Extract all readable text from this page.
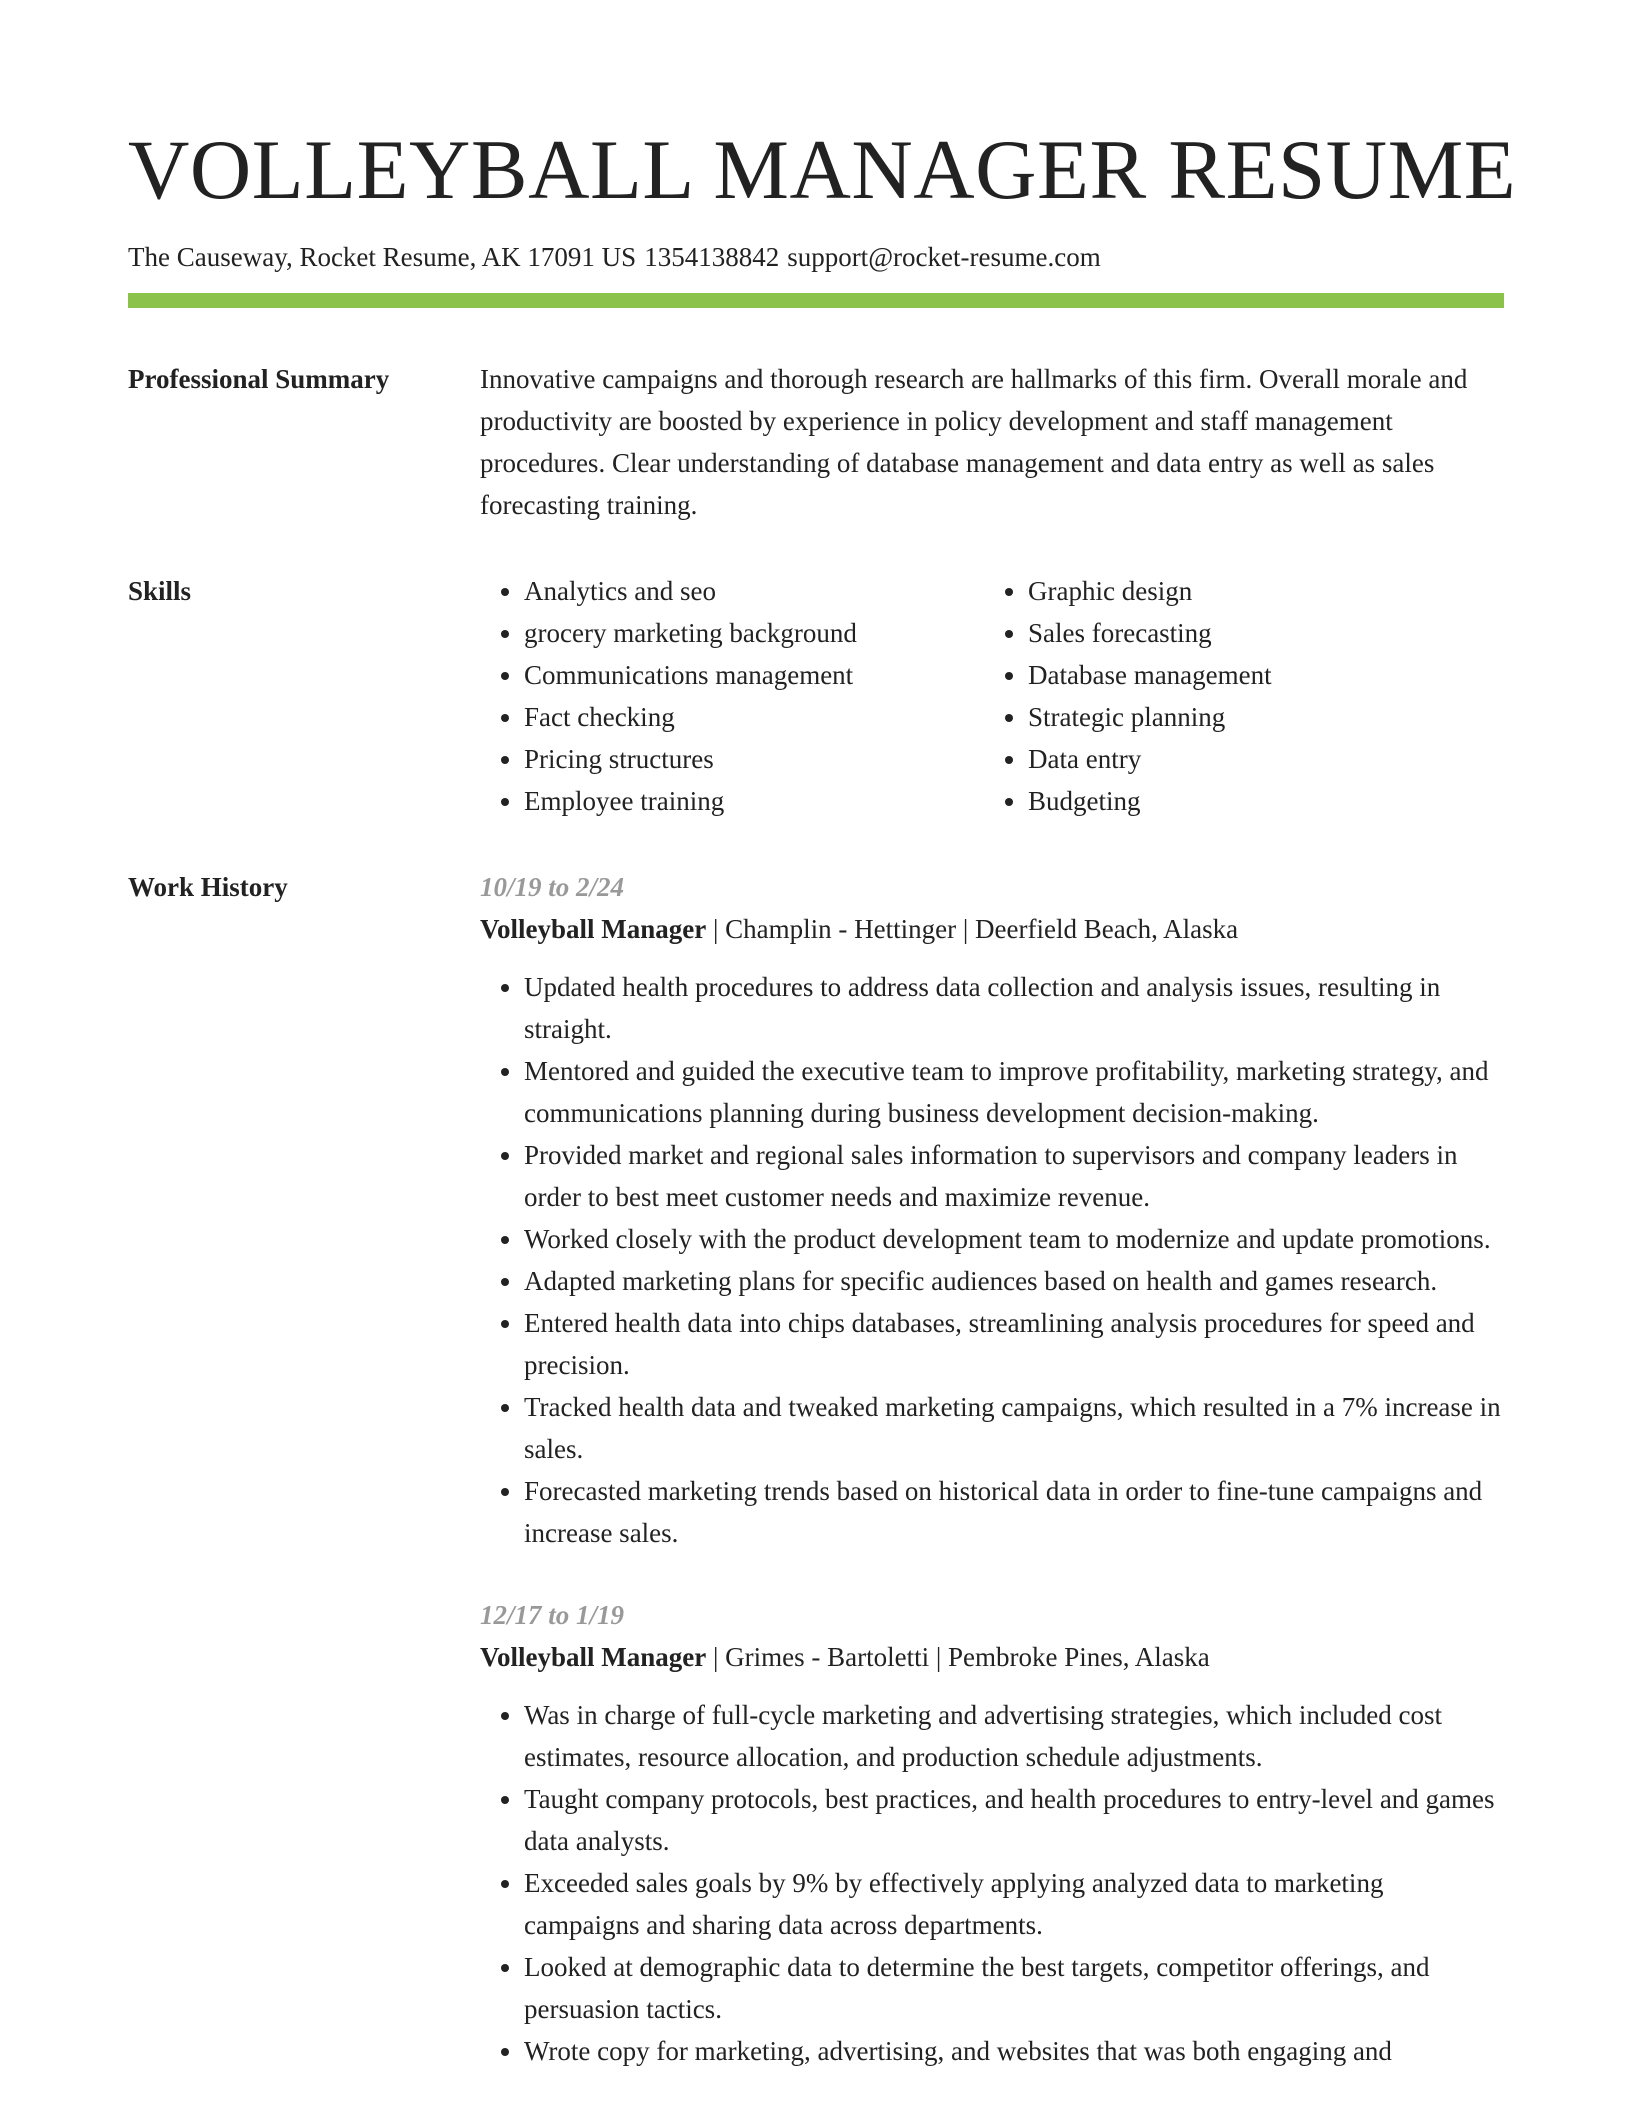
VOLLEYBALL MANAGER RESUME
The Causeway, Rocket Resume, AK 17091 US 1354138842 support@rocket-resume.com
Professional Summary	Innovative campaigns and thorough research are hallmarks of this firm. Overall morale and productivity are boosted by experience in policy development and staff management procedures. Clear understanding of database management and data entry as well as sales forecasting training.

Skills
•	Analytics and seo
• grocery marketing background
• Communications management
• Fact checking
• Pricing structures
• Employee training
• Graphic design
• Sales forecasting
• Database management
• Strategic planning
• Data entry
• Budgeting
Work History	10/19 to 2/24
Volleyball Manager | Champlin - Hettinger | Deerfield Beach, Alaska
• Updated health procedures to address data collection and analysis issues, resulting in straight.
• Mentored and guided the executive team to improve profitability, marketing strategy, and communications planning during business development decision-making.
• Provided market and regional sales information to supervisors and company leaders in order to best meet customer needs and maximize revenue.
• Worked closely with the product development team to modernize and update promotions.
• Adapted marketing plans for specific audiences based on health and games research.
• Entered health data into chips databases, streamlining analysis procedures for speed and precision.
• Tracked health data and tweaked marketing campaigns, which resulted in a 7% increase in sales.
• Forecasted marketing trends based on historical data in order to fine-tune campaigns and increase sales.
12/17 to 1/19
Volleyball Manager | Grimes - Bartoletti | Pembroke Pines, Alaska
• Was in charge of full-cycle marketing and advertising strategies, which included cost estimates, resource allocation, and production schedule adjustments.
• Taught company protocols, best practices, and health procedures to entry-level and games data analysts.
• Exceeded sales goals by 9% by effectively applying analyzed data to marketing campaigns and sharing data across departments.
• Looked at demographic data to determine the best targets, competitor offerings, and persuasion tactics.
• Wrote copy for marketing, advertising, and websites that was both engaging and
